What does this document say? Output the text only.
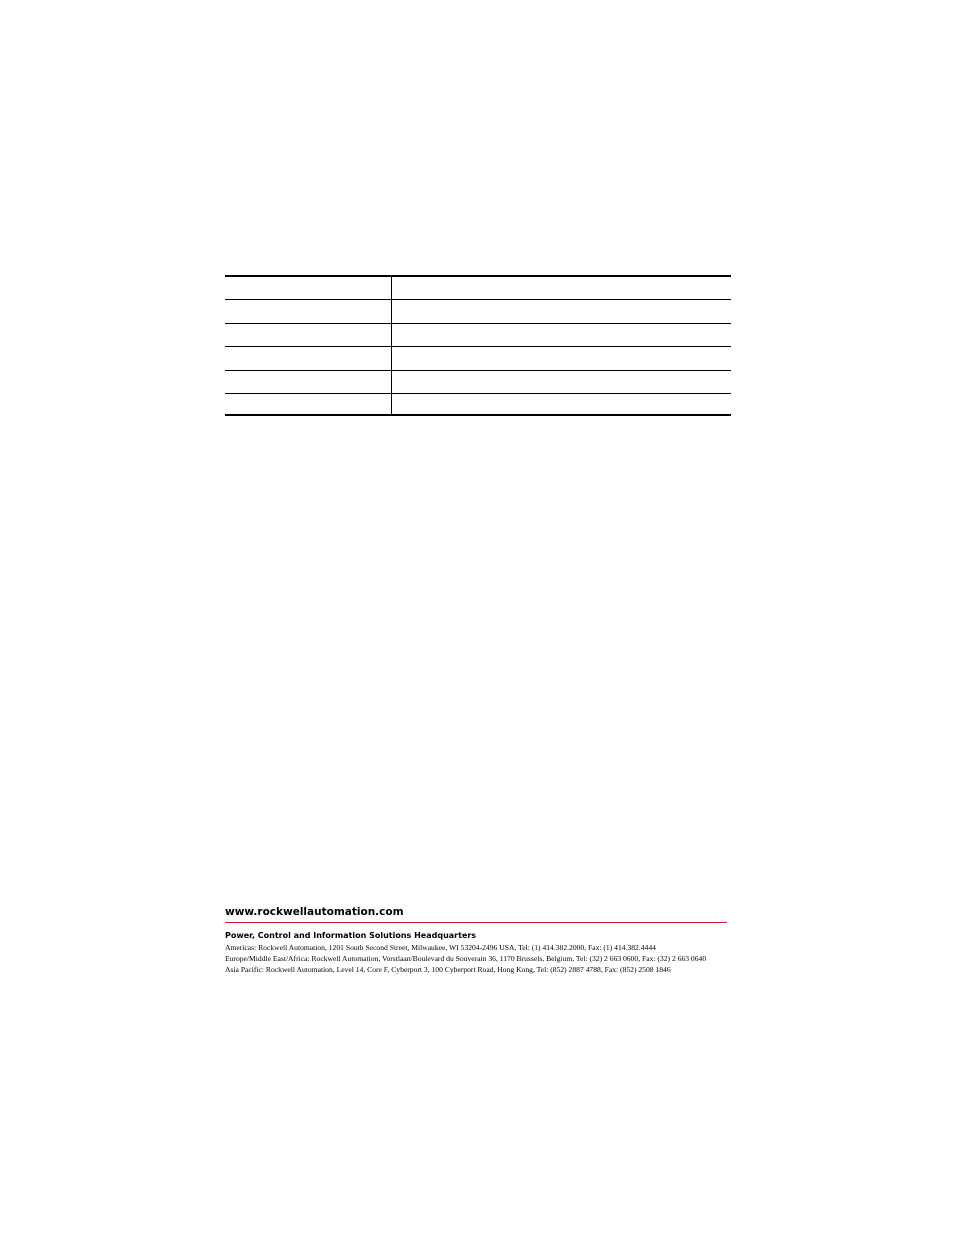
www.rockwellautomation.com
Power, Control and Information Solutions Headquarters
Americas: Rockwell Automation, 1201 South Second Street, Milwaukee, WI 53204-2496 USA, Tel: (1) 414.382.2000, Fax: (1) 414.382.4444
Europe/Middle East/Africa: Rockwell Automation, Vorstlaan/Boulevard du Souverain 36, 1170 Brussels, Belgium, Tel: (32) 2 663 0600, Fax: (32) 2 663 0640
Asia Pacific: Rockwell Automation, Level 14, Core F, Cyberport 3, 100 Cyberport Road, Hong Kong, Tel: (852) 2887 4788, Fax: (852) 2508 1846
